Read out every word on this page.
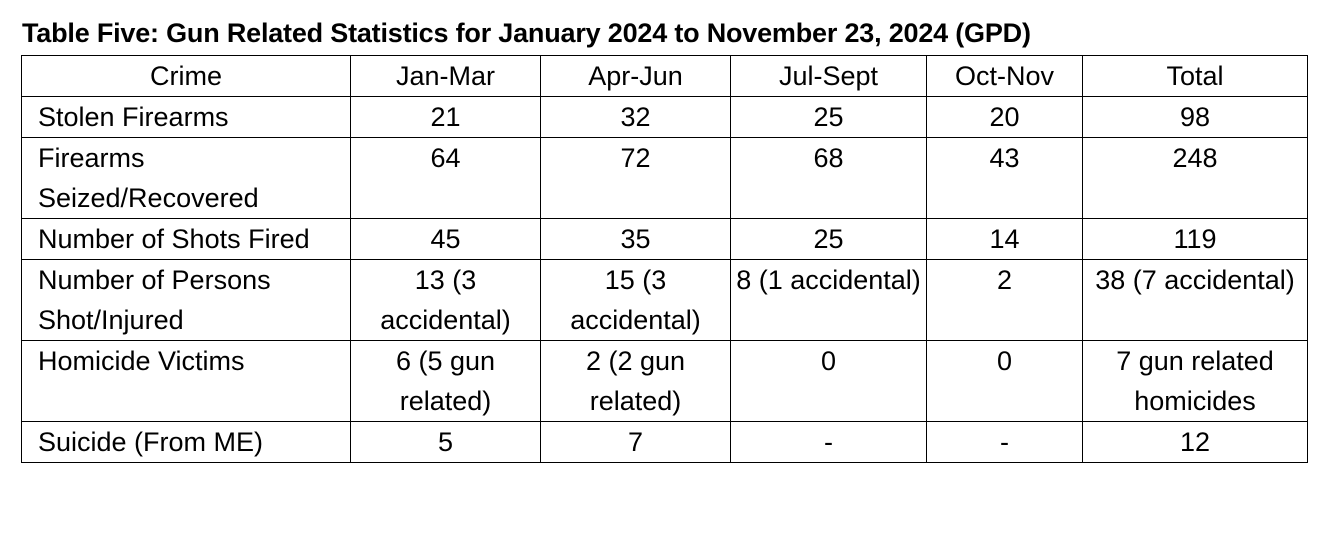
Table Five: Gun Related Statistics for January 2024 to November 23, 2024 (GPD)
Crime	Jan-Mar	Apr-Jun	Jul-Sept	Oct-Nov	Total
Stolen Firearms	21	32	25	20	98
Firearms Seized/Recovered	64	72	68	43	248
Number of Shots Fired	45	35	25	14	119
Number of Persons Shot/Injured	13 (3 accidental)	15 (3 accidental)	8 (1 accidental)	2	38 (7 accidental)
Homicide Victims	6 (5 gun related)	2 (2 gun related)	0	0	7 gun related homicides
Suicide (From ME)	5	7	-	-	12
